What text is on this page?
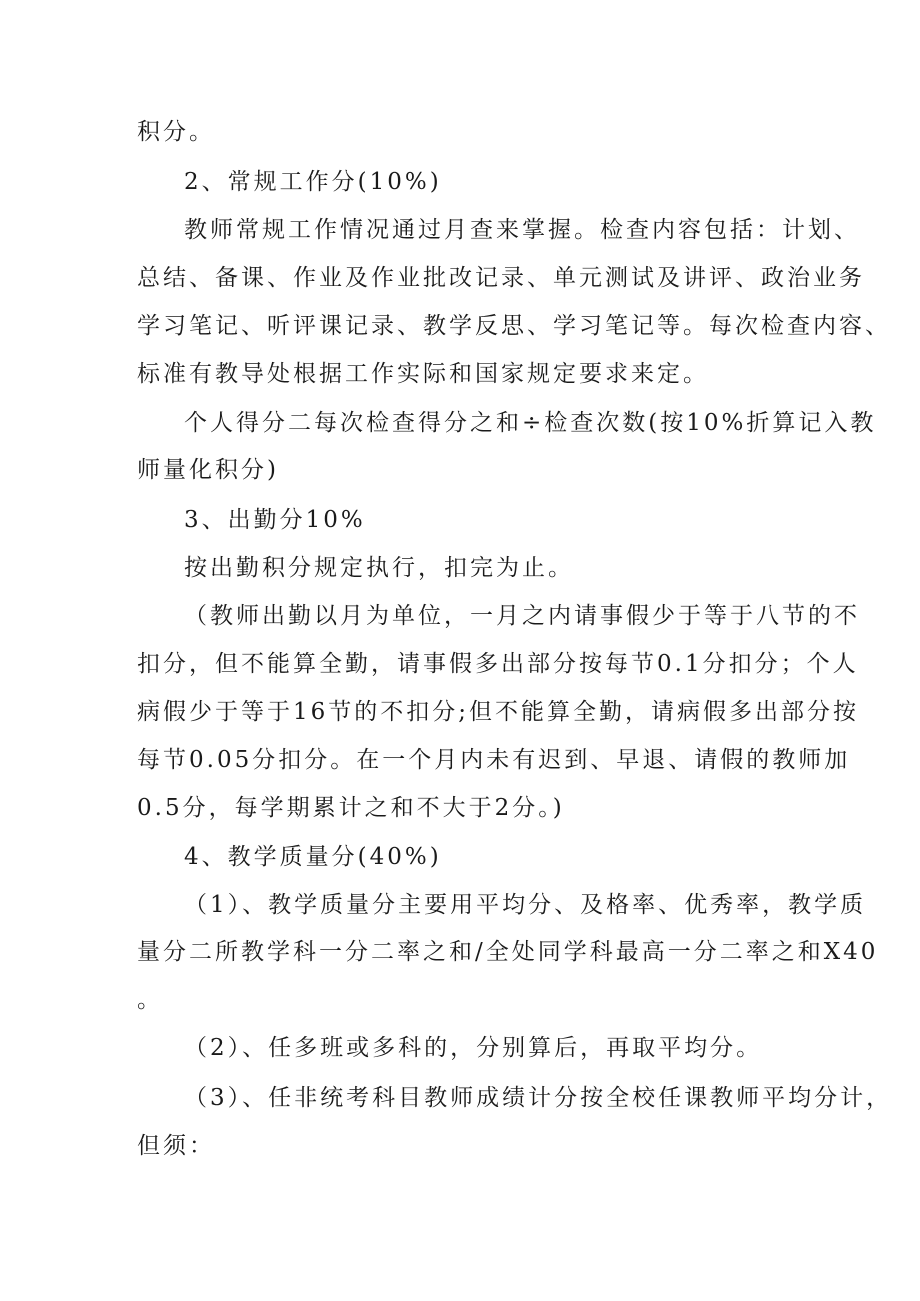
积分。
2、常规工作分(10%)
教师常规工作情况通过月查来掌握。检查内容包括：计划、
总结、备课、作业及作业批改记录、单元测试及讲评、政治业务
学习笔记、听评课记录、教学反思、学习笔记等。每次检查内容、
标准有教导处根据工作实际和国家规定要求来定。
个人得分二每次检查得分之和÷检查次数(按10%折算记入教
师量化积分)
3、出勤分10%
按出勤积分规定执行，扣完为止。
（教师出勤以月为单位，一月之内请事假少于等于八节的不
扣分，但不能算全勤，请事假多出部分按每节0.1分扣分；个人
病假少于等于16节的不扣分;但不能算全勤，请病假多出部分按
每节0.05分扣分。在一个月内未有迟到、早退、请假的教师加
0.5分，每学期累计之和不大于2分。)
4、教学质量分(40%)
（1）、教学质量分主要用平均分、及格率、优秀率，教学质
量分二所教学科一分二率之和/全处同学科最高一分二率之和X40
。
（2）、任多班或多科的，分别算后，再取平均分。
（3）、任非统考科目教师成绩计分按全校任课教师平均分计，
但须：
